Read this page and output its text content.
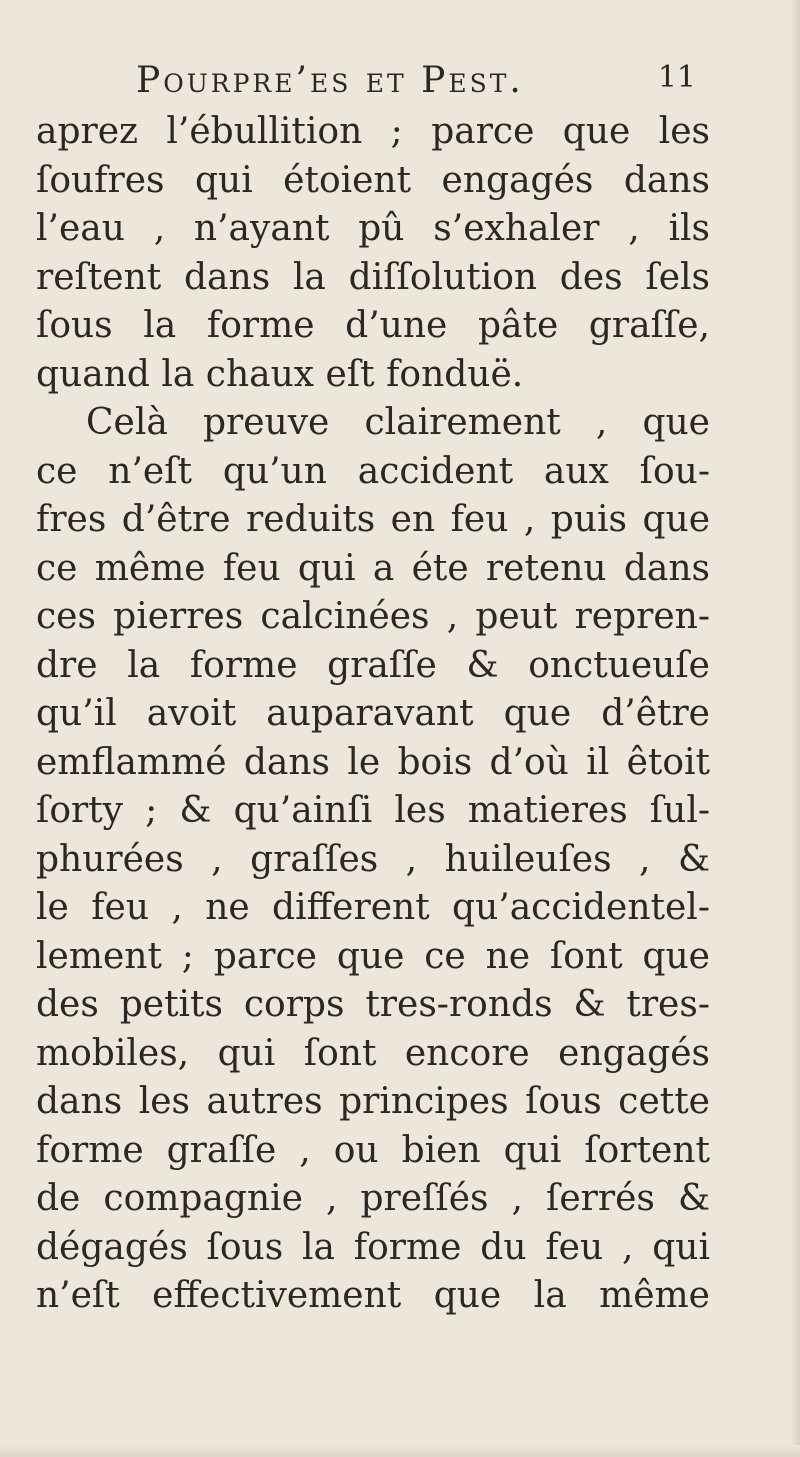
Pourpre’es et Pest.	11
aprez l’ébullition ; parce que les
ſoufres qui étoient engagés dans
l’eau , n’ayant pû s’exhaler , ils
reſtent dans la diſſolution des ſels
ſous la forme d’une pâte graſſe,
quand la chaux eſt fonduë.
Celà preuve clairement , que
ce n’eſt qu’un accident aux ſou-
fres d’être reduits en feu , puis que
ce même feu qui a éte retenu dans
ces pierres calcinées , peut repren-
dre la forme graſſe & onctueuſe
qu’il avoit auparavant que d’être
emflammé dans le bois d’où il êtoit
ſorty ; & qu’ainſi les matieres ſul-
phurées , graſſes , huileuſes , &
le feu , ne different qu’accidentel-
lement ; parce que ce ne ſont que
des petits corps tres-ronds & tres-
mobiles, qui ſont encore engagés
dans les autres principes ſous cette
forme graſſe , ou bien qui ſortent
de compagnie , preſſés , ſerrés &
dégagés ſous la forme du feu , qui
n’eſt effectivement que la même
